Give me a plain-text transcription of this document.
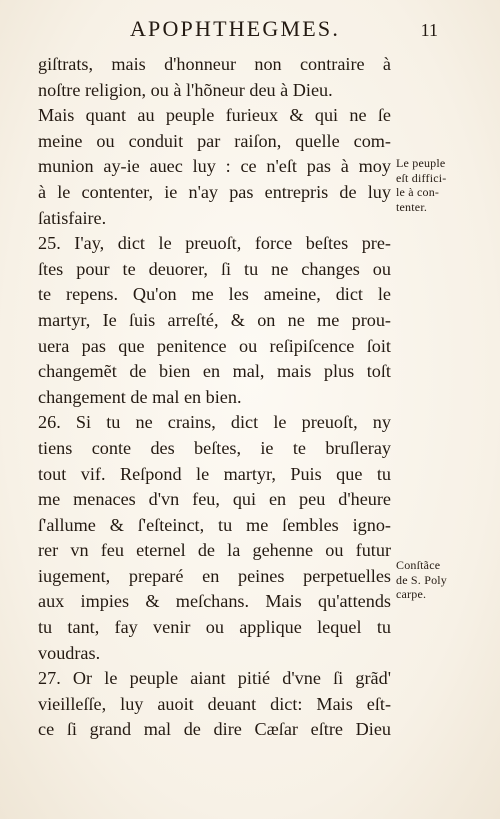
APOPHTHEGMES.	11
giſtrats, mais d'honneur non contraire à
noſtre religion, ou à l'hõneur deu à Dieu.
Mais quant au peuple furieux & qui ne ſe
meine ou conduit par raiſon, quelle com-
munion ay-ie auec luy : ce n'eſt pas à moy
à le contenter, ie n'ay pas entrepris de luy
ſatisfaire.
25. I'ay, dict le preuoſt, force beſtes pre-
ſtes pour te deuorer, ſi tu ne changes ou
te repens. Qu'on me les ameine, dict le
martyr, Ie ſuis arreſté, & on ne me prou-
uera pas que penitence ou reſipiſcence ſoit
changemẽt de bien en mal, mais plus toſt
changement de mal en bien.
26. Si tu ne crains, dict le preuoſt, ny
tiens conte des beſtes, ie te bruſleray
tout vif. Reſpond le martyr, Puis que tu
me menaces d'vn feu, qui en peu d'heure
ſ'allume & ſ'eſteinct, tu me ſembles igno-
rer vn feu eternel de la gehenne ou futur
iugement, preparé en peines perpetuelles
aux impies & meſchans. Mais qu'attends
tu tant, fay venir ou applique lequel tu
voudras.
27. Or le peuple aiant pitié d'vne ſi grãd'
vieilleſſe, luy auoit deuant dict: Mais eſt-
ce ſi grand mal de dire Cæſar eſtre Dieu
Le peuple
eſt diffici-
le à con-
tenter.
Conſtãce
de S. Poly
carpe.
